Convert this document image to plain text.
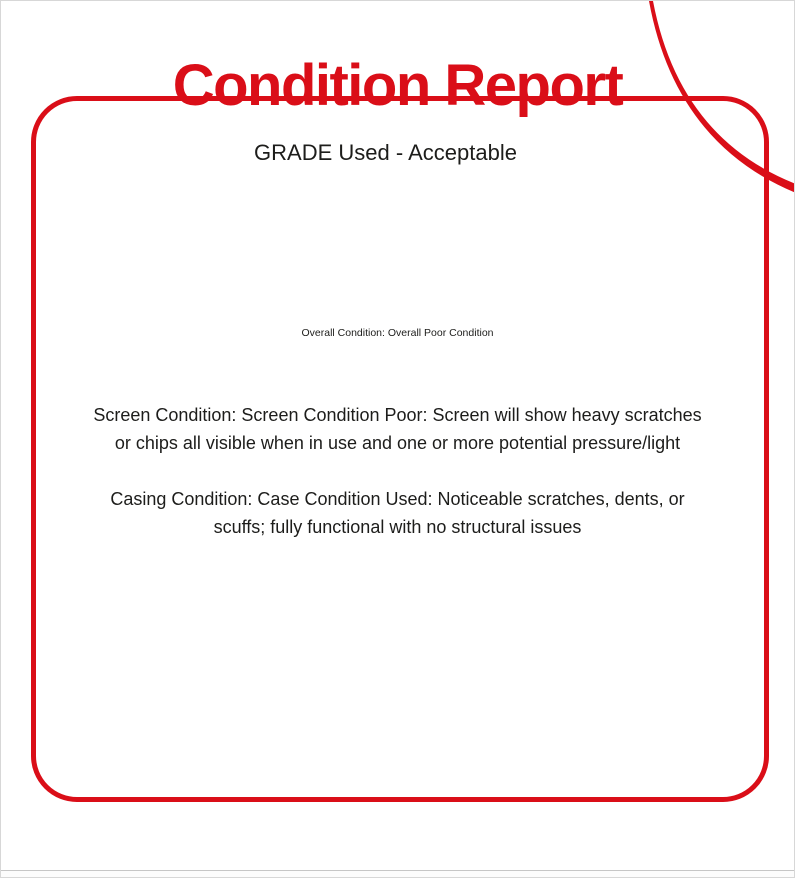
Condition Report
GRADE Used - Acceptable
Overall Condition: Overall Poor Condition
Screen Condition: Screen Condition Poor: Screen will show heavy scratches
or chips all visible when in use and one or more potential pressure/light
Casing Condition: Case Condition Used: Noticeable scratches, dents, or
scuffs; fully functional with no structural issues
